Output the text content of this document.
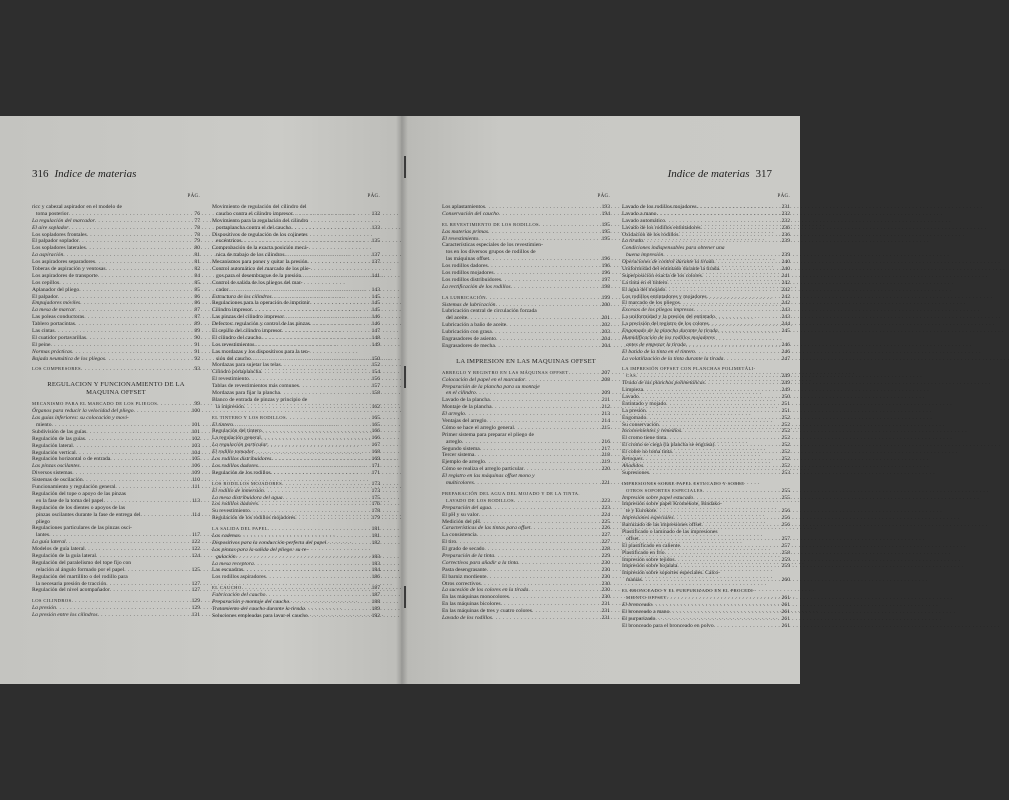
316 Indice de materias
PÁG.
ricc y cabezal aspirador en el modelo de
toma posterior . . .	76
La regulación del marcador . . .	77
El aire soplador . . .	78
Los sopladores frontales . . .	78
El palpador soplador . . .	79
Los sopladores laterales . . .	80
La aspiración . . .	81
Los aspiradores separadores . . .	81
Toberas de aspiración y ventosas . . .	82
Los aspiradores de transporte . . .	84
Los cepillos . . .	85
Aplanador del pliego . . .	85
El palpador . . .	86
Empujadores móviles . . .	86
La mesa de marcar . . .	87
Las poleas conductoras . . .	87
Tablero portacintas . . .	89
Las cintas . . .	89
El cuatidor portavarillas . . .	90
El peine . . .	91
Normas prácticas . . .	91
Bajada neumática de los pliegos . . .	92
LOS COMPRESORES . . .	93
REGULACION Y FUNCIONAMIENTO DE LA MAQUINA OFFSET
MECANISMO PARA EL MARCADO DE LOS PLIEGOS . . .	99
Órganos para reducir la velocidad del pliego . . .	100
Las guías inferiores: su colocación y movi-
miento . . .	101
Subdivisión de las guías . . .	101
Regulación de las guías . . .	102
Regulación lateral . . .	103
Regulación vertical . . .	104
Regulación horizontal o de entrada . . .	105
Las pinzas oscilantes . . .	106
Diversos sistemas . . .	109
Sistemas de oscilación . . .	110
Funcionamiento y regulación general . . .	111
Regulación del tope o apoyo de las pinzas
en la fase de la toma del papel . . .	113
Regulación de los dientes o apoyos de las
pinzas oscilantes durante la fase de entrega del . . .	114
pliego
Regulaciones particulares de las pinzas osci-
lantes . . .	117
La guía lateral . . .	122
Modelos de guía lateral . . .	122
Regulación de la guía lateral . . .	124
Regulación del paralelismo del tope fijo con
relación al ángulo formado por el papel . . .	125
Regulación del martillito o del rodillo para
la necesaria presión de tracción . . .	127
Regulación del nivel acompañador . . .	127
LOS CILINDROS . . .	129
La presión . . .	129
La presión entre los cilindros . . .	131
PÁG.
Movimiento de regulación del cilindro del
caucho contra el cilindro impresor . . .	132
Movimiento para la regulación del cilindro
portaplancha contra el del caucho . . .	133
Dispositivos de regulación de los cojinetes
excéntricos . . .	135
Comprobación de la exacta posición mecá-
nica de trabajo de los cilindros . . .	137
Mecanismos para poner y quitar la presión . . .	137
Control automático del marcado de los plie-
gos para el desembrague de la presión . . .	141
Control de salida de los pliegos del mar-
cador . . .	143
Estructura de los cilindros . . .	145
Regulaciones para la operación de imprimir . . .	145
Cilindro impresor . . .	145
Las pinzas del cilindro impresor . . .	146
Defectos: regulación y control de las pinzas . . .	146
El cepillo del cilindro impresor . . .	147
El cilindro del caucho . . .	148
Los revestimientos . . .	149
Las mordazas y los dispositivos para la ten-
sión del caucho . . .	150
Mordazas para sujetar las telas . . .	152
Cilindro portaplancha . . .	154
El revestimiento . . .	156
Tablas de revestimientos más comunes . . .	157
Mordazas para fijar la plancha . . .	158
Blanco de entrada de pinzas y principio de
la impresión . . .	162
EL TINTERO Y LOS RODILLOS . . .	165
El tintero . . .	165
Regulación del tintero . . .	166
La regulación general . . .	166
La regulación particular . . .	167
El rodillo tomador . . .	168
Los rodillos distribuidores . . .	169
Los rodillos dadores . . .	171
Regulación de los rodillos . . .	171
LOS RODILLOS MOJADORES . . .	173
El rodillo de inmersión . . .	173
La mesa distribuidora del agua . . .	175
Los rodillos dadores . . .	176
Su revestimiento . . .	178
Regulación de los rodillos mojadores . . .	179
LA SALIDA DEL PAPEL . . .	181
Las cadenas . . .	181
Dispositivos para la conducción perfecta del papel . . .	182
Las pinzas para la salida del pliego: su re-
gulación . . .	183
La mesa receptora . . .	183
Las escuadras . . .	184
Los rodillos aspiradores . . .	186
EL CAUCHO . . .	187
Fabricación del caucho . . .	187
Preparación y montaje del caucho . . .	188
Tratamiento del caucho durante la tirada . . .	189
Soluciones empleadas para lavar el caucho . . .	192
Indice de materias 317
PÁG.
Los aplastamientos . . .	193
Conservación del caucho . . .	194
EL REVESTIMIENTO DE LOS RODILLOS . . .	195
Las materias primas . . .	195
El revestimiento . . .	195
Características especiales de los revestimien-
tos en los diversos grupos de rodillos de
las máquinas offset . . .	196
Los rodillos dadores . . .	196
Los rodillos mojadores . . .	196
Los rodillos distribuidores . . .	197
La rectificación de los rodillos . . .	198
LA LUBRICACIÓN . . .	199
Sistemas de lubricación . . .	200
Lubricación central de circulación forzada
del aceite . . .	201
Lubricación a baño de aceite . . .	202
Lubricación con grasa . . .	203
Engrasadores de asiento . . .	204
Engrasadores de mecha . . .	204
LA IMPRESION EN LAS MAQUINAS OFFSET
ARREGLO Y REGISTRO EN LAS MÁQUINAS OFFSET . . .	207
Colocación del papel en el marcador . . .	208
Preparación de la plancha para su montaje
en el cilindro . . .	209
Lavado de la plancha . . .	211
Montaje de la plancha . . .	212
El arreglo . . .	213
Ventajas del arreglo . . .	214
Cómo se hace el arreglo general . . .	215
Primer sistema para preparar el pliego de
arreglo . . .	216
Segundo sistema . . .	217
Tercer sistema . . .	218
Ejemplo de arreglo . . .	219
Cómo se realiza el arreglo particular . . .	220
El registro en las máquinas offset mono y
multicolores . . .	221
PREPARACIÓN DEL AGUA DEL MOJADO Y DE LA TINTA.
LAVADO DE LOS RODILLOS . . .	223
Preparación del agua . . .	223
El pH y su valor . . .	224
Medición del pH . . .	225
Características de las tintas para offset . . .	226
La consistencia . . .	227
El tiro . . .	227
El grado de secado . . .	228
Preparación de la tinta . . .	229
Correctivos para añadir a la tinta . . .	230
Pasta desengrasante . . .	230
El barniz mordiente . . .	230
Otros correctivos . . .	230
La sucesión de los colores en la tirada . . .	230
En las máquinas monocolores . . .	230
En las máquinas bicolores . . .	231
En las máquinas de tres y cuatro colores . . .	231
Lavado de los rodillos . . .	231
PÁG.
Lavado de los rodillos mojadores . . .	231
Lavado a mano . . .	232
Lavado automático . . .	232
Lavado de los rodillos entintadores . . .	236
Oxidación de los rodillos . . .	236
La tirada . . .	239
Condiciones indispensables para obtener una
buena impresión . . .	239
Operaciones de control durante la tirada . . .	240
Uniformidad del entintado durante la tirada . . .	240
Superposición exacta de los colores . . .	241
La tinta en el tintero . . .	242
El agua del mojado . . .	242
Los rodillos entintadores y mojadores . . .	242
El marcado de los pliegos . . .	242
Excesos de los pliegos impresos . . .	243
La uniformidad y la presión del entintado . . .	243
La precisión del registro de los colores . . .	244
Engomado de la plancha durante la tirada . . .	245
Humidificación de los rodillos mojadores
antes de empezar la tirada . . .	246
El batido de la tinta en el tintero . . .	246
La volatilización de la tinta durante la tirada . . .	247
LA IMPRESIÓN OFFSET CON PLANCHAS POLIMETÁLI-
CAS . . .	249
Tirada de las planchas polimetálicas . . .	249
Limpieza . . .	249
Lavado . . .	250
Entintado y mojado . . .	251
La presión . . .	251
Engomado . . .	252
Su conservación . . .	252
Inconvenientes y remedios . . .	252
El cromo tiene tinta . . .	252
El cromo se ciega (la plancha se engrasa) . . .	252
El cobre no toma tinta . . .	252
Retoques . . .	252
Añadidos . . .	252
Supresiones . . .	253
IMPRESIONES SOBRE PAPEL ESTUCADO Y SOBRE
OTROS SOPORTES ESPECIALES . . .	255
Impresión sobre papel estucado . . .	255
Impresión sobre papel Kromekote, Bindako-
te y Eurokote . . .	256
Impresiones especiales . . .	256
Barnizado de las impresiones offset . . .	256
Plastificado o laminado de las impresiones
offset . . .	257
El plastificado en caliente . . .	257
Plastificado en frío . . .	258
Impresión sobre tejidos . . .	259
Impresión sobre hojalata . . .	259
Impresión sobre soportes especiales. Calco-
manías . . .	260
EL BRONCEADO Y EL PURPURIZADO EN EL PROCEDI-
MIENTO OFFSET . . .	261
El bronceado . . .	261
El bronceado a mano . . .	261
El purpurizado . . .	261
El bronceado para el bronceado en polvo . . .	261
